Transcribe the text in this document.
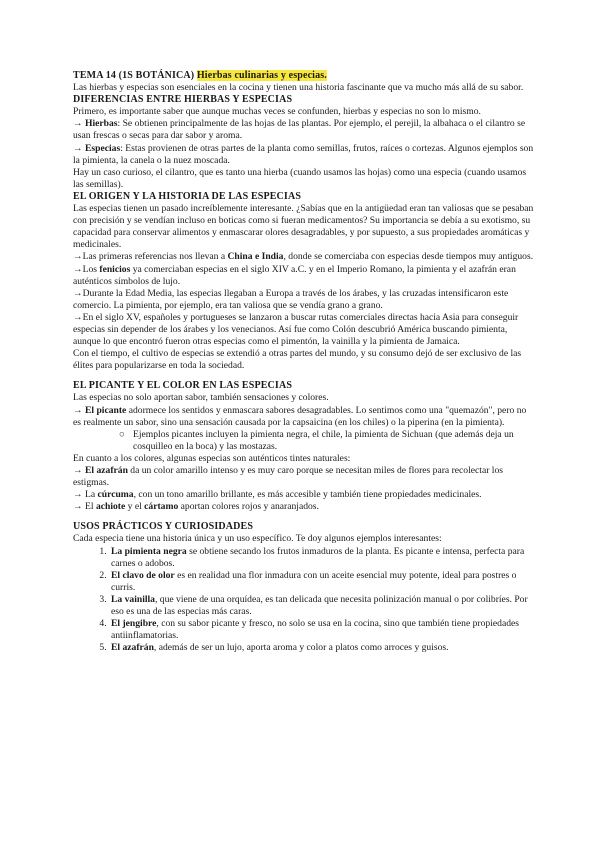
TEMA 14 (1S BOTÁNICA) Hierbas culinarias y especias.

Las hierbas y especias son esenciales en la cocina y tienen una historia fascinante que va mucho más allá de su sabor.

DIFERENCIAS ENTRE HIERBAS Y ESPECIAS

Primero, es importante saber que aunque muchas veces se confunden, hierbas y especias no son lo mismo.

→ Hierbas: Se obtienen principalmente de las hojas de las plantas. Por ejemplo, el perejil, la albahaca o el cilantro se usan frescas o secas para dar sabor y aroma.

→ Especias: Estas provienen de otras partes de la planta como semillas, frutos, raíces o cortezas. Algunos ejemplos son la pimienta, la canela o la nuez moscada.

Hay un caso curioso, el cilantro, que es tanto una hierba (cuando usamos las hojas) como una especia (cuando usamos las semillas).

EL ORIGEN Y LA HISTORIA DE LAS ESPECIAS

Las especias tienen un pasado increíblemente interesante. ¿Sabías que en la antigüedad eran tan valiosas que se pesaban con precisión y se vendían incluso en boticas como si fueran medicamentos? Su importancia se debía a su exotismo, su capacidad para conservar alimentos y enmascarar olores desagradables, y por supuesto, a sus propiedades aromáticas y medicinales.

→Las primeras referencias nos llevan a China e India, donde se comerciaba con especias desde tiempos muy antiguos.

→Los fenicios ya comerciaban especias en el siglo XIV a.C. y en el Imperio Romano, la pimienta y el azafrán eran auténticos símbolos de lujo.

→Durante la Edad Media, las especias llegaban a Europa a través de los árabes, y las cruzadas intensificaron este comercio. La pimienta, por ejemplo, era tan valiosa que se vendía grano a grano.

→En el siglo XV, españoles y portugueses se lanzaron a buscar rutas comerciales directas hacia Asia para conseguir especias sin depender de los árabes y los venecianos. Así fue como Colón descubrió América buscando pimienta, aunque lo que encontró fueron otras especias como el pimentón, la vainilla y la pimienta de Jamaica.

Con el tiempo, el cultivo de especias se extendió a otras partes del mundo, y su consumo dejó de ser exclusivo de las élites para popularizarse en toda la sociedad.

EL PICANTE Y EL COLOR EN LAS ESPECIAS

Las especias no solo aportan sabor, también sensaciones y colores.

→ El picante adormece los sentidos y enmascara sabores desagradables. Lo sentimos como una "quemazón", pero no es realmente un sabor, sino una sensación causada por la capsaicina (en los chiles) o la piperina (en la pimienta).

○ Ejemplos picantes incluyen la pimienta negra, el chile, la pimienta de Sichuan (que además deja un cosquilleo en la boca) y las mostazas.

En cuanto a los colores, algunas especias son auténticos tintes naturales:

→ El azafrán da un color amarillo intenso y es muy caro porque se necesitan miles de flores para recolectar los estigmas.

→ La cúrcuma, con un tono amarillo brillante, es más accesible y también tiene propiedades medicinales.

→ El achiote y el cártamo aportan colores rojos y anaranjados.

USOS PRÁCTICOS Y CURIOSIDADES

Cada especia tiene una historia única y un uso específico. Te doy algunos ejemplos interesantes:

1. La pimienta negra se obtiene secando los frutos inmaduros de la planta. Es picante e intensa, perfecta para carnes o adobos.
2. El clavo de olor es en realidad una flor inmadura con un aceite esencial muy potente, ideal para postres o curris.
3. La vainilla, que viene de una orquídea, es tan delicada que necesita polinización manual o por colibríes. Por eso es una de las especias más caras.
4. El jengibre, con su sabor picante y fresco, no solo se usa en la cocina, sino que también tiene propiedades antiinflamatorias.
5. El azafrán, además de ser un lujo, aporta aroma y color a platos como arroces y guisos.
